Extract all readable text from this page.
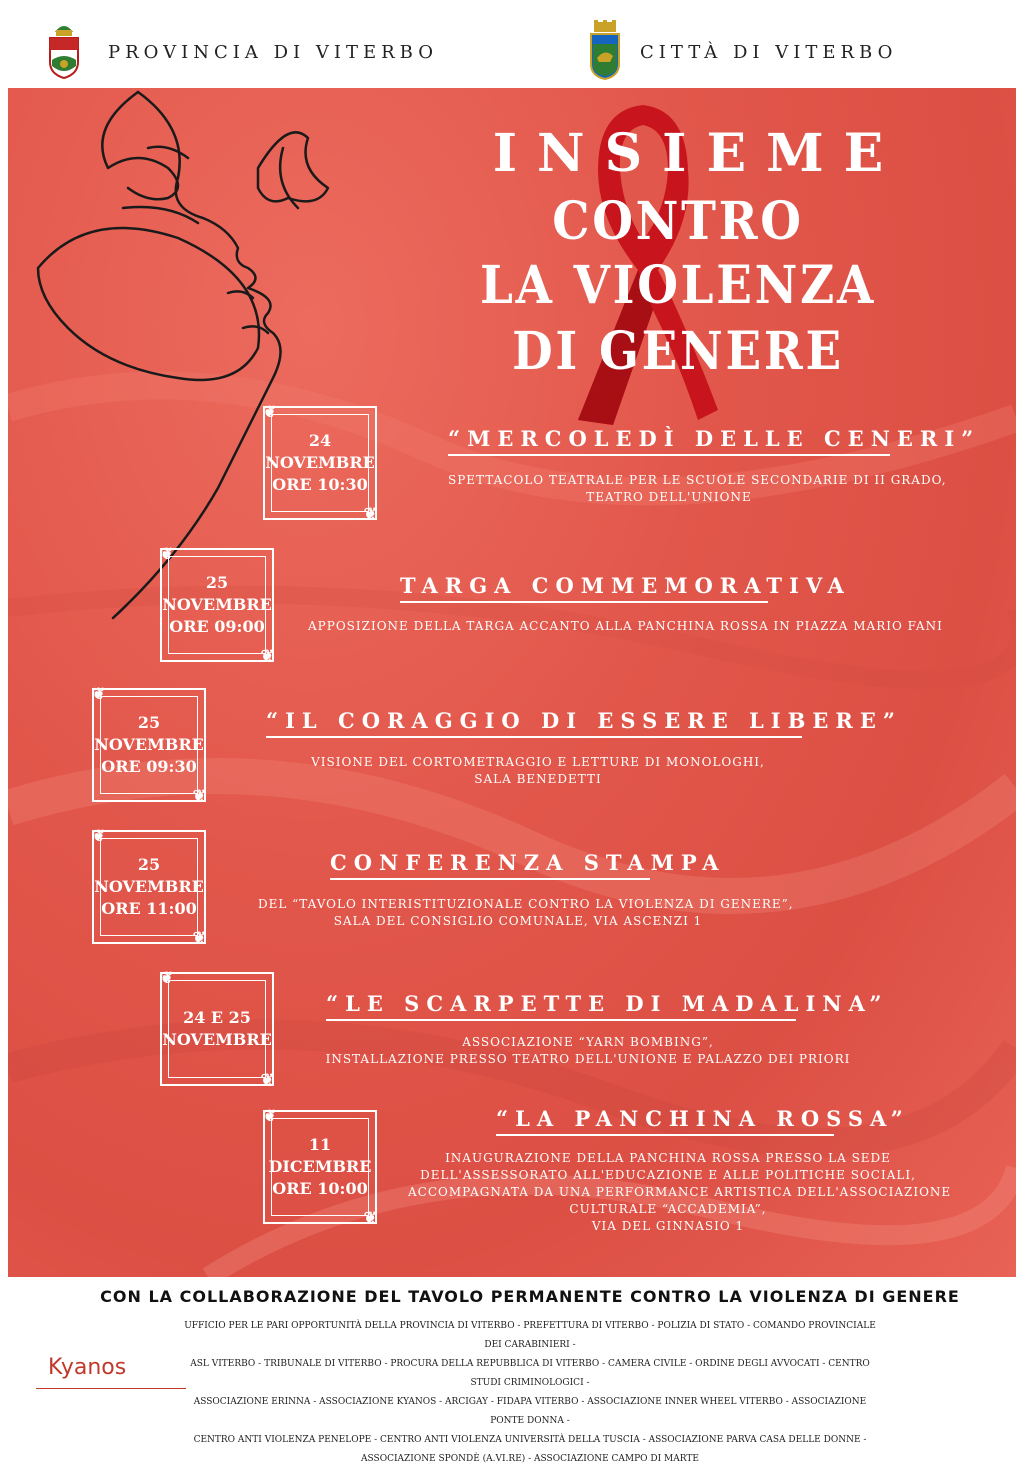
PROVINCIA DI VITERBO	CITTÀ DI VITERBO
INSIEME
CONTRO
LA VIOLENZA
DI GENERE
❦
❦
24
NOVEMBRE
ORE 10:30
“MERCOLEDÌ DELLE CENERI”
SPETTACOLO TEATRALE PER LE SCUOLE SECONDARIE DI II GRADO,
TEATRO DELL'UNIONE
❦
❦
25
NOVEMBRE
ORE 09:00
TARGA COMMEMORATIVA
APPOSIZIONE DELLA TARGA ACCANTO ALLA PANCHINA ROSSA IN PIAZZA MARIO FANI
❦
❦
25
NOVEMBRE
ORE 09:30
“IL CORAGGIO DI ESSERE LIBERE”
VISIONE DEL CORTOMETRAGGIO E LETTURE DI MONOLOGHI,
SALA BENEDETTI
❦
❦
25
NOVEMBRE
ORE 11:00
CONFERENZA STAMPA
DEL “TAVOLO INTERISTITUZIONALE CONTRO LA VIOLENZA DI GENERE”,
SALA DEL CONSIGLIO COMUNALE, VIA ASCENZI 1
❦
❦
24 E 25
NOVEMBRE
“LE SCARPETTE DI MADALINA”
ASSOCIAZIONE “YARN BOMBING”,
INSTALLAZIONE PRESSO TEATRO DELL'UNIONE E PALAZZO DEI PRIORI
❦
❦
11
DICEMBRE
ORE 10:00
“LA PANCHINA ROSSA”
INAUGURAZIONE DELLA PANCHINA ROSSA PRESSO LA SEDE
DELL'ASSESSORATO ALL'EDUCAZIONE E ALLE POLITICHE SOCIALI,
ACCOMPAGNATA DA UNA PERFORMANCE ARTISTICA DELL'ASSOCIAZIONE
CULTURALE “ACCADEMIA”,
VIA DEL GINNASIO 1
CON LA COLLABORAZIONE DEL TAVOLO PERMANENTE CONTRO LA VIOLENZA DI GENERE
UFFICIO PER LE PARI OPPORTUNITÀ DELLA PROVINCIA DI VITERBO - PREFETTURA DI VITERBO - POLIZIA DI STATO - COMANDO PROVINCIALE DEI CARABINIERI -
ASL VITERBO - TRIBUNALE DI VITERBO - PROCURA DELLA REPUBBLICA DI VITERBO - CAMERA CIVILE - ORDINE DEGLI AVVOCATI - CENTRO STUDI CRIMINOLOGICI -
ASSOCIAZIONE ERINNA - ASSOCIAZIONE KYANOS - ARCIGAY - FIDAPA VITERBO - ASSOCIAZIONE INNER WHEEL VITERBO - ASSOCIAZIONE PONTE DONNA -
CENTRO ANTI VIOLENZA PENELOPE - CENTRO ANTI VIOLENZA UNIVERSITÀ DELLA TUSCIA - ASSOCIAZIONE PARVA CASA DELLE DONNE -
ASSOCIAZIONE SPONDÈ (A.VI.RE) - ASSOCIAZIONE CAMPO DI MARTE
Kyanos
